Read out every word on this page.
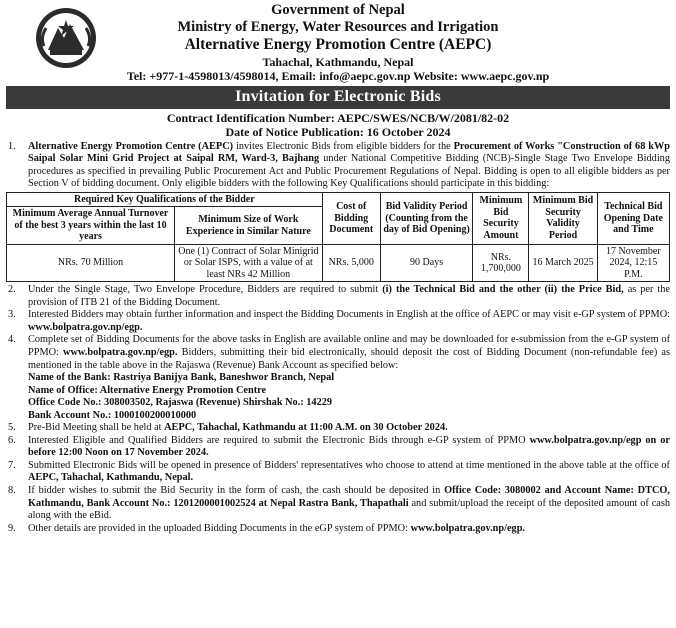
Government of Nepal
Ministry of Energy, Water Resources and Irrigation
Alternative Energy Promotion Centre (AEPC)
Tahachal, Kathmandu, Nepal
Tel: +977-1-4598013/4598014, Email: info@aepc.gov.np Website: www.aepc.gov.np
Invitation for Electronic Bids
Contract Identification Number: AEPC/SWES/NCB/W/2081/82-02
Date of Notice Publication: 16 October 2024
1. Alternative Energy Promotion Centre (AEPC) invites Electronic Bids from eligible bidders for the Procurement of Works "Construction of 68 kWp Saipal Solar Mini Grid Project at Saipal RM, Ward-3, Bajhang under National Competitive Bidding (NCB)-Single Stage Two Envelope Bidding procedures as specified in prevailing Public Procurement Act and Public Procurement Regulations of Nepal. Bidding is open to all eligible bidders as per Section V of bidding document. Only eligible bidders with the following Key Qualifications should participate in this bidding:
Required Key Qualifications of the Bidder		Cost of Bidding Document	Bid Validity Period (Counting from the day of Bid Opening)	Minimum Bid Security Amount	Minimum Bid Security Validity Period	Technical Bid Opening Date and Time
Minimum Average Annual Turnover of the best 3 years within the last 10 years	Minimum Size of Work Experience in Similar Nature					
NRs. 70 Million	One (1) Contract of Solar Minigrid or Solar ISPS, with a value of at least NRs 42 Million	NRs. 5,000	90 Days	NRs. 1,700,000	16 March 2025	17 November 2024, 12:15 P.M.
2. Under the Single Stage, Two Envelope Procedure, Bidders are required to submit (i) the Technical Bid and the other (ii) the Price Bid, as per the provision of ITB 21 of the Bidding Document.
3. Interested Bidders may obtain further information and inspect the Bidding Documents in English at the office of AEPC or may visit e-GP system of PPMO: www.bolpatra.gov.np/egp.
4. Complete set of Bidding Documents for the above tasks in English are available online and may be downloaded for e-submission from the e-GP system of PPMO: www.bolpatra.gov.np/egp. Bidders, submitting their bid electronically, should deposit the cost of Bidding Document (non-refundable fee) as mentioned in the table above in the Rajaswa (Revenue) Bank Account as specified below:
Name of the Bank: Rastriya Banijya Bank, Baneshwor Branch, Nepal
Name of Office: Alternative Energy Promotion Centre
Office Code No.: 308003502, Rajaswa (Revenue) Shirshak No.: 14229
Bank Account No.: 1000100200010000
5. Pre-Bid Meeting shall be held at AEPC, Tahachal, Kathmandu at 11:00 A.M. on 30 October 2024.
6. Interested Eligible and Qualified Bidders are required to submit the Electronic Bids through e-GP system of PPMO www.bolpatra.gov.np/egp on or before 12:00 Noon on 17 November 2024.
7. Submitted Electronic Bids will be opened in presence of Bidders' representatives who choose to attend at time mentioned in the above table at the office of AEPC, Tahachal, Kathmandu, Nepal.
8. If bidder wishes to submit the Bid Security in the form of cash, the cash should be deposited in Office Code: 3080002 and Account Name: DTCO, Kathmandu, Bank Account No.: 1201200001002524 at Nepal Rastra Bank, Thapathali and submit/upload the receipt of the deposited amount of cash along with the eBid.
9. Other details are provided in the uploaded Bidding Documents in the eGP system of PPMO: www.bolpatra.gov.np/egp.
